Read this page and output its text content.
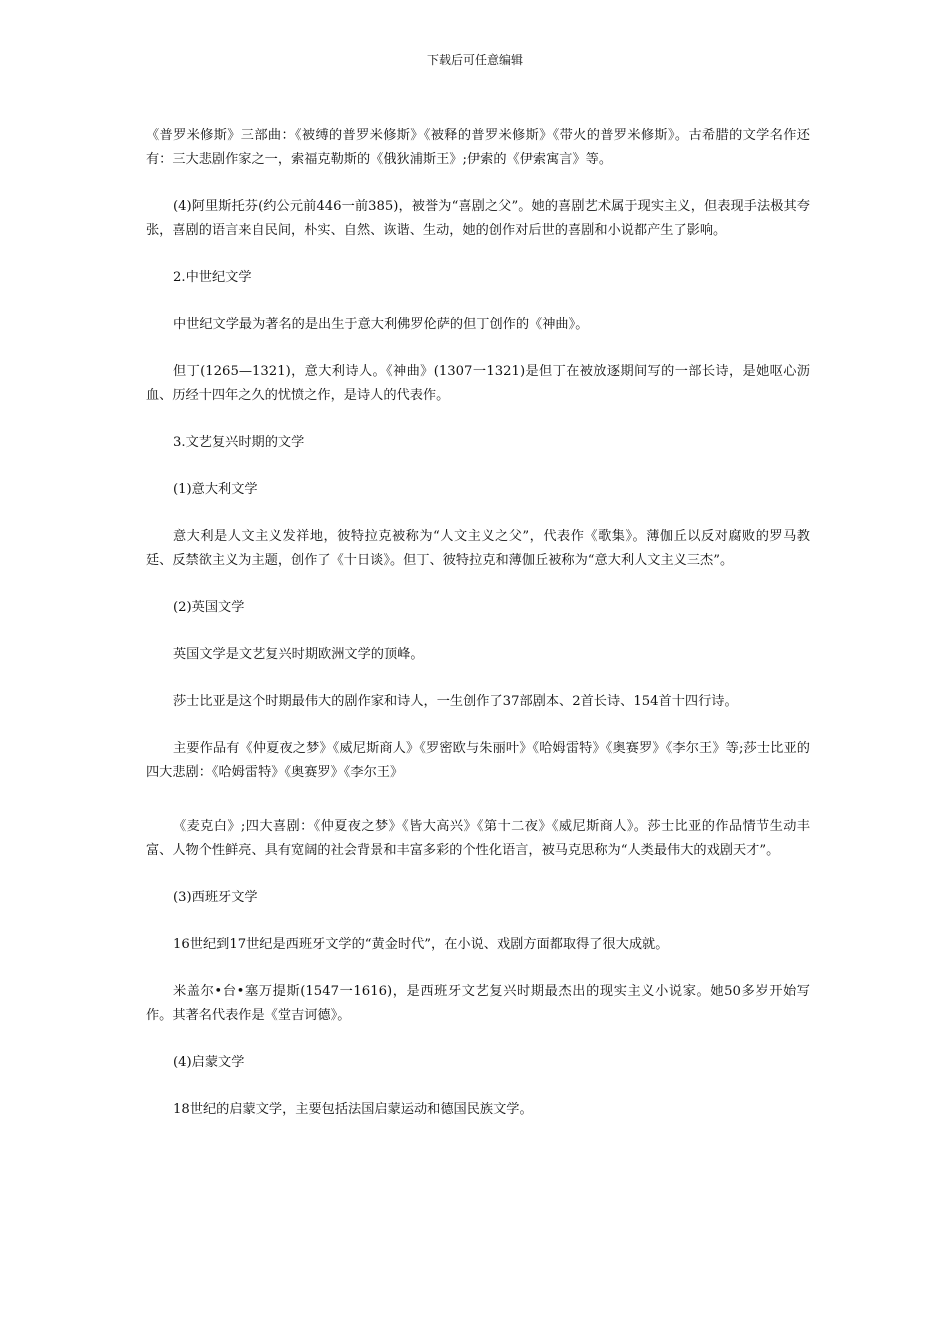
下载后可任意编辑

《普罗米修斯》三部曲：《被缚的普罗米修斯》《被释的普罗米修斯》《带火的普罗米修斯》。古希腊的文学名作还有：三大悲剧作家之一，索福克勒斯的《俄狄浦斯王》;伊索的《伊索寓言》等。

(4)阿里斯托芬(约公元前446一前385)，被誉为“喜剧之父”。她的喜剧艺术属于现实主义，但表现手法极其夸张，喜剧的语言来自民间，朴实、自然、诙谐、生动，她的创作对后世的喜剧和小说都产生了影响。

2.中世纪文学

中世纪文学最为著名的是出生于意大利佛罗伦萨的但丁创作的《神曲》。

但丁(1265—1321)，意大利诗人。《神曲》(1307一1321)是但丁在被放逐期间写的一部长诗，是她呕心沥血、历经十四年之久的忧愤之作，是诗人的代表作。

3.文艺复兴时期的文学

(1)意大利文学

意大利是人文主义发祥地，彼特拉克被称为“人文主义之父”，代表作《歌集》。薄伽丘以反对腐败的罗马教廷、反禁欲主义为主题，创作了《十日谈》。但丁、彼特拉克和薄伽丘被称为“意大利人文主义三杰”。

(2)英国文学

英国文学是文艺复兴时期欧洲文学的顶峰。

莎士比亚是这个时期最伟大的剧作家和诗人，一生创作了37部剧本、2首长诗、154首十四行诗。

主要作品有《仲夏夜之梦》《威尼斯商人》《罗密欧与朱丽叶》《哈姆雷特》《奥赛罗》《李尔王》等;莎士比亚的四大悲剧：《哈姆雷特》《奥赛罗》《李尔王》

《麦克白》;四大喜剧：《仲夏夜之梦》《皆大高兴》《第十二夜》《威尼斯商人》。莎士比亚的作品情节生动丰富、人物个性鲜亮、具有宽阔的社会背景和丰富多彩的个性化语言，被马克思称为“人类最伟大的戏剧天才”。

(3)西班牙文学

16世纪到17世纪是西班牙文学的“黄金时代”，在小说、戏剧方面都取得了很大成就。

米盖尔•台•塞万提斯(1547一1616)，是西班牙文艺复兴时期最杰出的现实主义小说家。她50多岁开始写作。其著名代表作是《堂吉诃德》。

(4)启蒙文学

18世纪的启蒙文学，主要包括法国启蒙运动和德国民族文学。
